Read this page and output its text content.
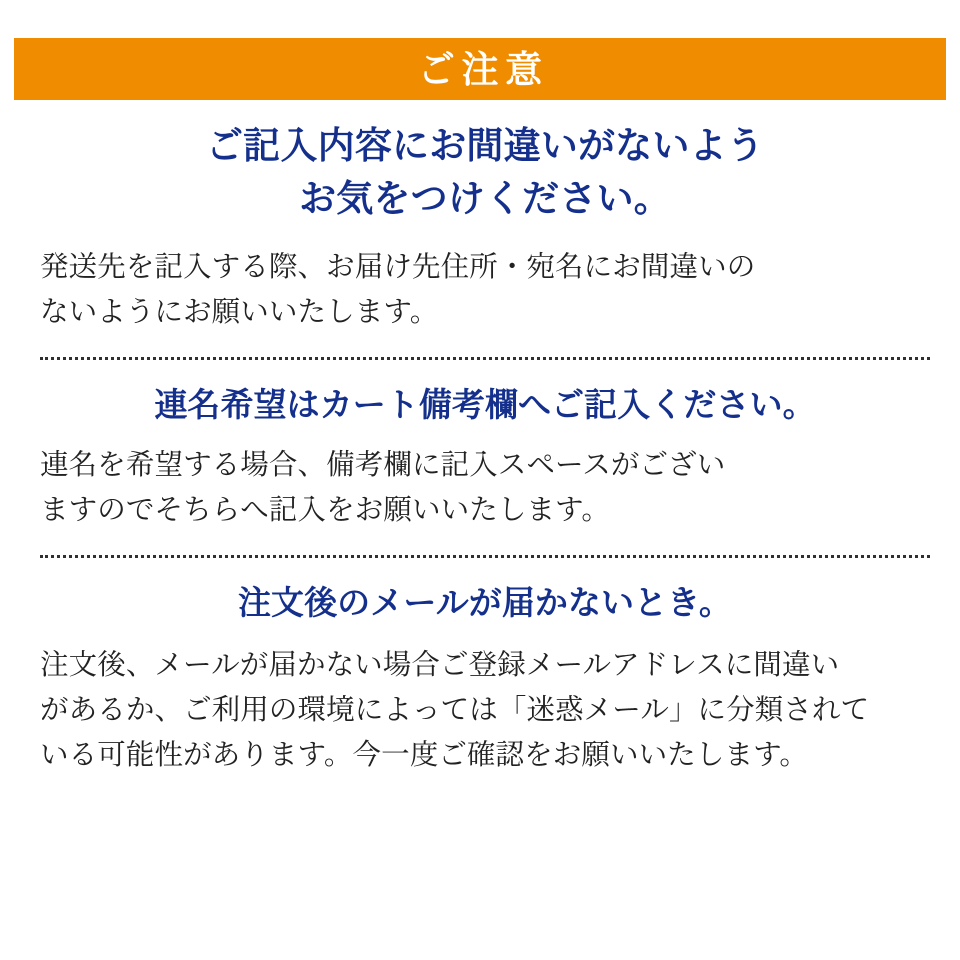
ご注意
ご記入内容にお間違いがないよう
お気をつけください。

発送先を記入する際、お届け先住所・宛名にお間違いの
ないようにお願いいたします。

連名希望はカート備考欄へご記入ください。

連名を希望する場合、備考欄に記入スペースがござい
ますのでそちらへ記入をお願いいたします。

注文後のメールが届かないとき。

注文後、メールが届かない場合ご登録メールアドレスに間違い
があるか、ご利用の環境によっては「迷惑メール」に分類されて
いる可能性があります。今一度ご確認をお願いいたします。
